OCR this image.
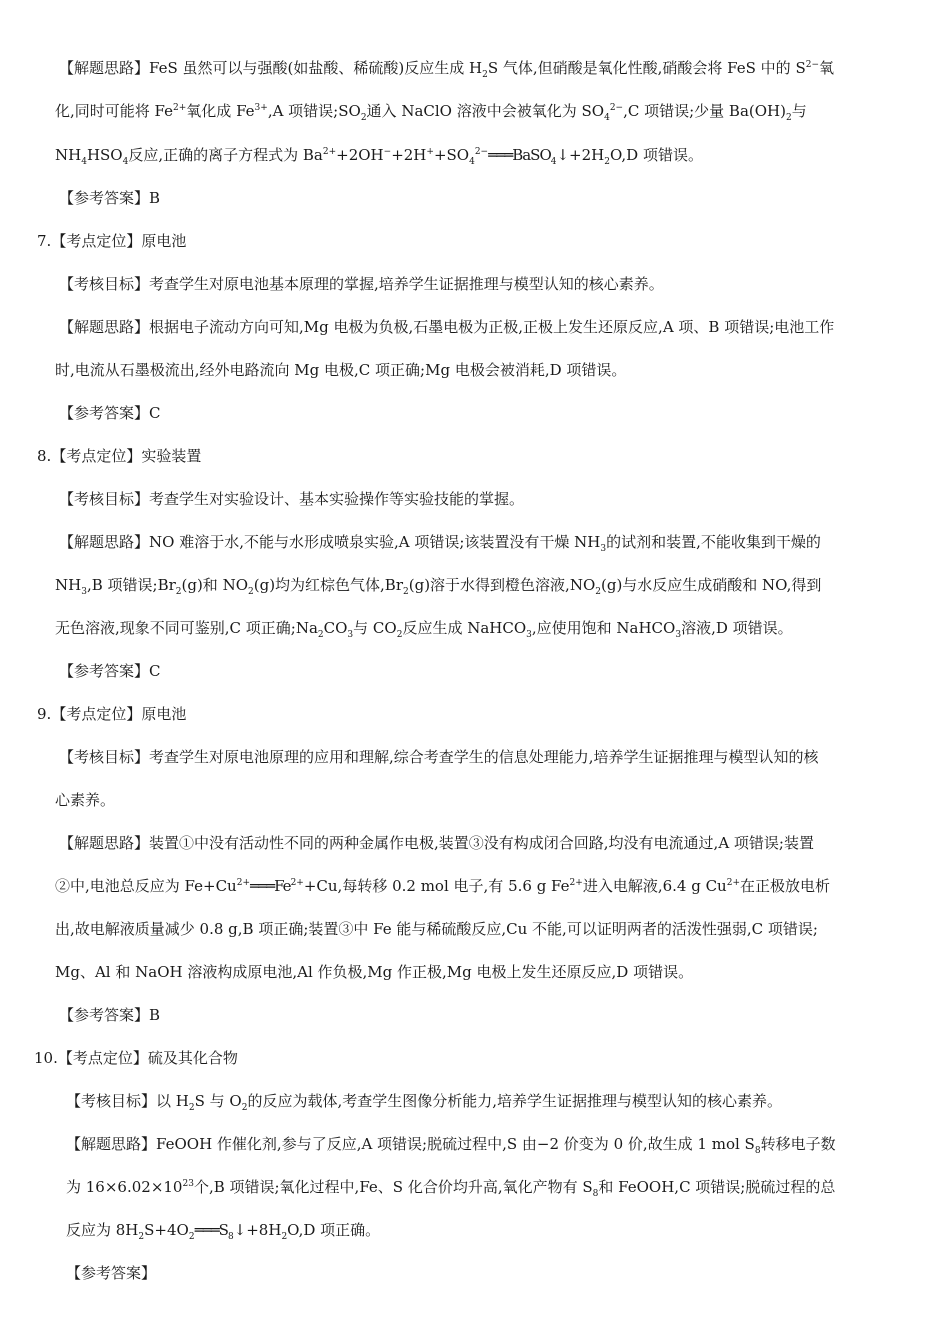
【解题思路】FeS 虽然可以与强酸(如盐酸、稀硫酸)反应生成 $H_2S$ 气体,但硝酸是氧化性酸,硝酸会将 FeS 中的 $S^{2-}$氧
化,同时可能将 $Fe^{2+}$氧化成 $Fe^{3+},A$ 项错误$;SO_2$通入 NaClO 溶液中会被氧化为 $SO_4^{2-},C$ 项错误;少量 $Ba(OH)_2$与
$NH_4HSO_4$反应,正确的离子方程式为 $Ba^{2+}+2OH^-+2H^++SO_4^{2-}═══BaSO_4↓+2H_2O,D$ 项错误。
【参考答案】B
7.【考点定位】原电池
【考核目标】考查学生对原电池基本原理的掌握,培养学生证据推理与模型认知的核心素养。
【解题思路】根据电子流动方向可知,Mg 电极为负极,石墨电极为正极,正极上发生还原反应,A 项、B 项错误;电池工作
时,电流从石墨极流出,经外电路流向 Mg 电极,C 项正确;Mg 电极会被消耗,D 项错误。
【参考答案】C
8.【考点定位】实验装置
【考核目标】考查学生对实验设计、基本实验操作等实验技能的掌握。
【解题思路】NO 难溶于水,不能与水形成喷泉实验,A 项错误;该装置没有干燥 $NH_3$的试剂和装置,不能收集到干燥的
$NH_3,B$ 项错误$;Br_2(g)$和 $NO_2(g)$均为红棕色气体$,Br_2(g)$溶于水得到橙色溶液$,NO_2(g)$与水反应生成硝酸和 NO,得到
无色溶液,现象不同可鉴别,C 项正确$;Na_2CO_3$与 $CO_2$反应生成 NaHCO$_3$,应使用饱和 NaHCO$_3$溶液,D 项错误。
【参考答案】C
9.【考点定位】原电池
【考核目标】考查学生对原电池原理的应用和理解,综合考查学生的信息处理能力,培养学生证据推理与模型认知的核
心素养。
【解题思路】装置①中没有活动性不同的两种金属作电极,装置③没有构成闭合回路,均没有电流通过,A 项错误;装置
②中,电池总反应为 $Fe+Cu^{2+}═══Fe^{2+}+Cu$,每转移 0.2 mol 电子,有 5.6 g $Fe^{2+}$进入电解液,6.4 g $Cu^{2+}$在正极放电析
出,故电解液质量减少 0.8 g,B 项正确;装置③中 Fe 能与稀硫酸反应,Cu 不能,可以证明两者的活泼性强弱,C 项错误;
Mg、Al 和 NaOH 溶液构成原电池,Al 作负极,Mg 作正极,Mg 电极上发生还原反应,D 项错误。
【参考答案】B
10.【考点定位】硫及其化合物
【考核目标】以 $H_2S$ 与 $O_2$的反应为载体,考查学生图像分析能力,培养学生证据推理与模型认知的核心素养。
【解题思路】FeOOH 作催化剂,参与了反应,A 项错误;脱硫过程中,S 由−2 价变为 0 价,故生成 1 mol $S_8$转移电子数
为 $16\times 6.02\times 10^{23}$个,B 项错误;氧化过程中,Fe、S 化合价均升高,氧化产物有 $S_8$和 FeOOH,C 项错误;脱硫过程的总
反应为 $8H_2S+4O_2═══S_8↓+8H_2O,D$ 项正确。
【参考答案】
